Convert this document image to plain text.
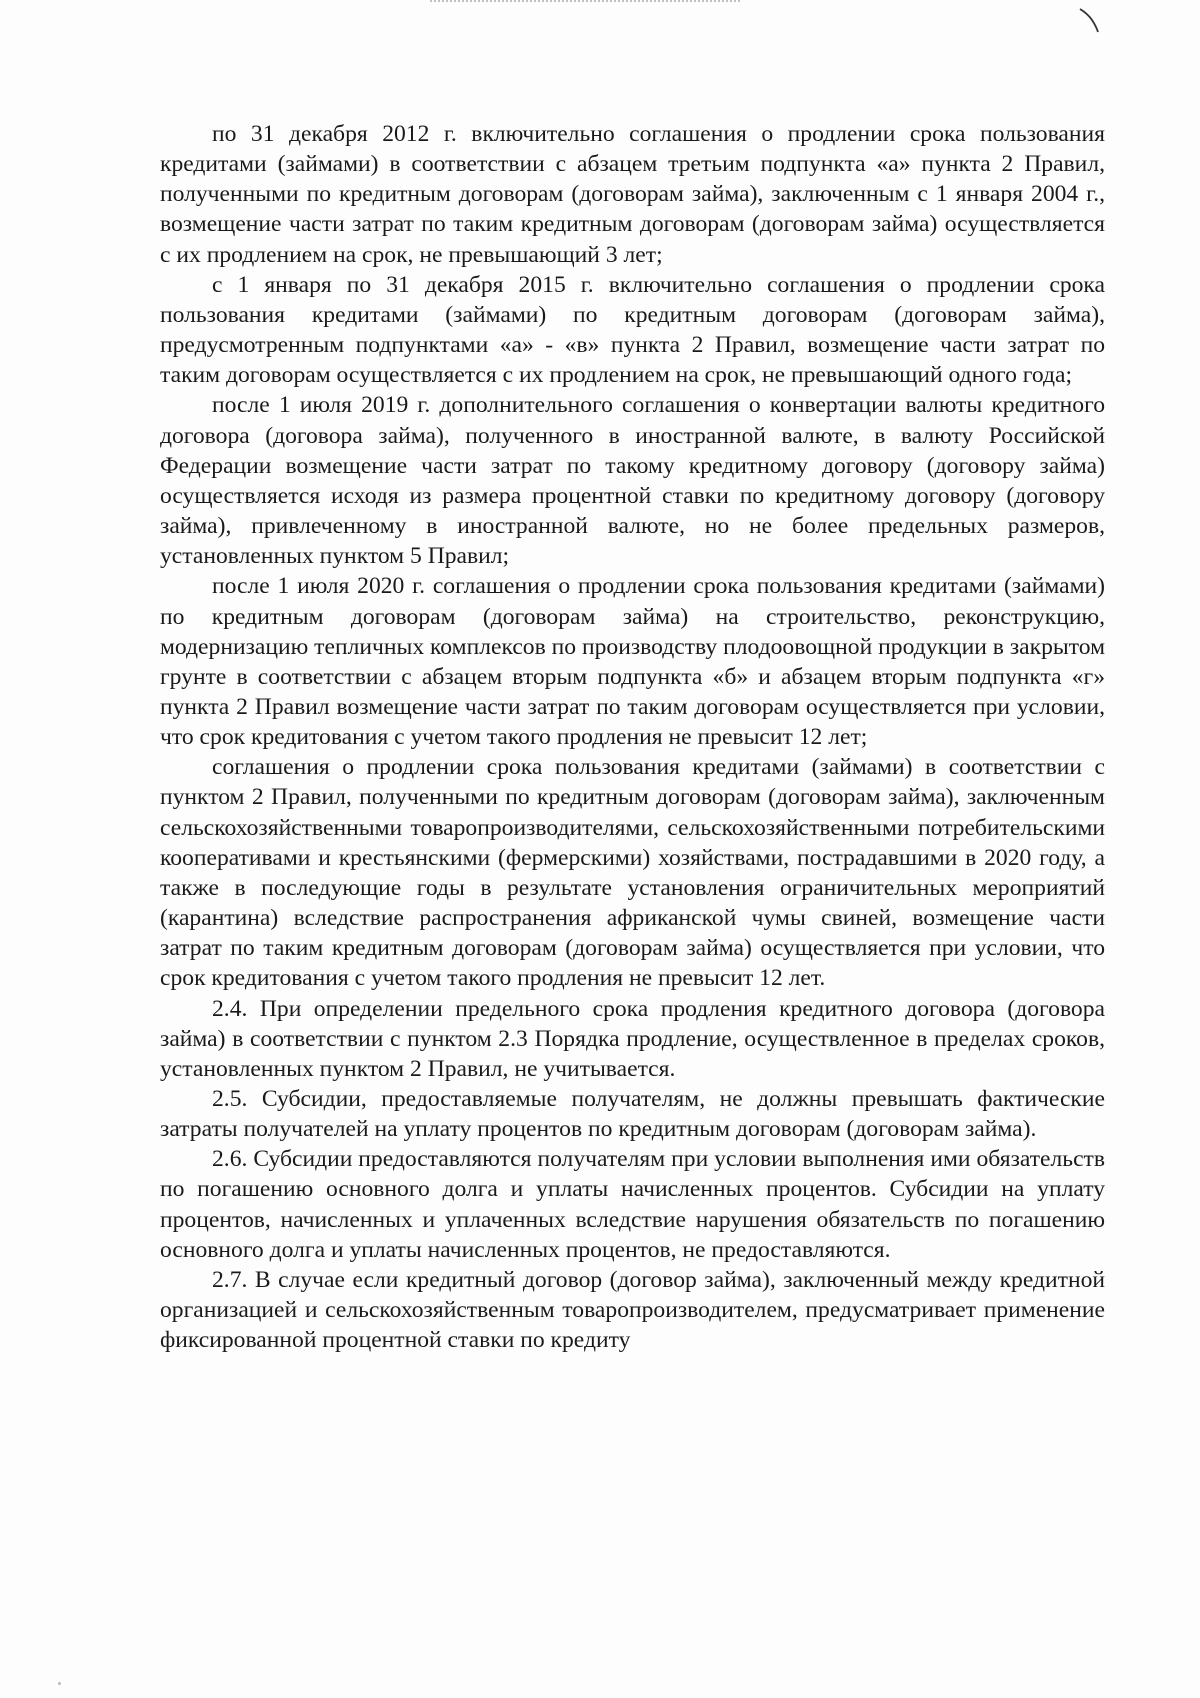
по 31 декабря 2012 г. включительно соглашения о продлении срока пользования кредитами (займами) в соответствии с абзацем третьим подпункта «а» пункта 2 Правил, полученными по кредитным договорам (договорам займа), заключенным с 1 января 2004 г., возмещение части затрат по таким кредитным договорам (договорам займа) осуществляется с их продлением на срок, не превышающий 3 лет;

с 1 января по 31 декабря 2015 г. включительно соглашения о продлении срока пользования кредитами (займами) по кредитным договорам (договорам займа), предусмотренным подпунктами «а» - «в» пункта 2 Правил, возмещение части затрат по таким договорам осуществляется с их продлением на срок, не превышающий одного года;

после 1 июля 2019 г. дополнительного соглашения о конвертации валюты кредитного договора (договора займа), полученного в иностранной валюте, в валюту Российской Федерации возмещение части затрат по такому кредитному договору (договору займа) осуществляется исходя из размера процентной ставки по кредитному договору (договору займа), привлеченному в иностранной валюте, но не более предельных размеров, установленных пунктом 5 Правил;

после 1 июля 2020 г. соглашения о продлении срока пользования кредитами (займами) по кредитным договорам (договорам займа) на строительство, реконструкцию, модернизацию тепличных комплексов по производству плодоовощной продукции в закрытом грунте в соответствии с абзацем вторым подпункта «б» и абзацем вторым подпункта «г» пункта 2 Правил возмещение части затрат по таким договорам осуществляется при условии, что срок кредитования с учетом такого продления не превысит 12 лет;

соглашения о продлении срока пользования кредитами (займами) в соответствии с пунктом 2 Правил, полученными по кредитным договорам (договорам займа), заключенным сельскохозяйственными товаропроизводителями, сельскохозяйственными потребительскими кооперативами и крестьянскими (фермерскими) хозяйствами, пострадавшими в 2020 году, а также в последующие годы в результате установления ограничительных мероприятий (карантина) вследствие распространения африканской чумы свиней, возмещение части затрат по таким кредитным договорам (договорам займа) осуществляется при условии, что срок кредитования с учетом такого продления не превысит 12 лет.

2.4. При определении предельного срока продления кредитного договора (договора займа) в соответствии с пунктом 2.3 Порядка продление, осуществленное в пределах сроков, установленных пунктом 2 Правил, не учитывается.

2.5. Субсидии, предоставляемые получателям, не должны превышать фактические затраты получателей на уплату процентов по кредитным договорам (договорам займа).

2.6. Субсидии предоставляются получателям при условии выполнения ими обязательств по погашению основного долга и уплаты начисленных процентов. Субсидии на уплату процентов, начисленных и уплаченных вследствие нарушения обязательств по погашению основного долга и уплаты начисленных процентов, не предоставляются.

2.7. В случае если кредитный договор (договор займа), заключенный между кредитной организацией и сельскохозяйственным товаропроизводителем, предусматривает применение фиксированной процентной ставки по кредиту
